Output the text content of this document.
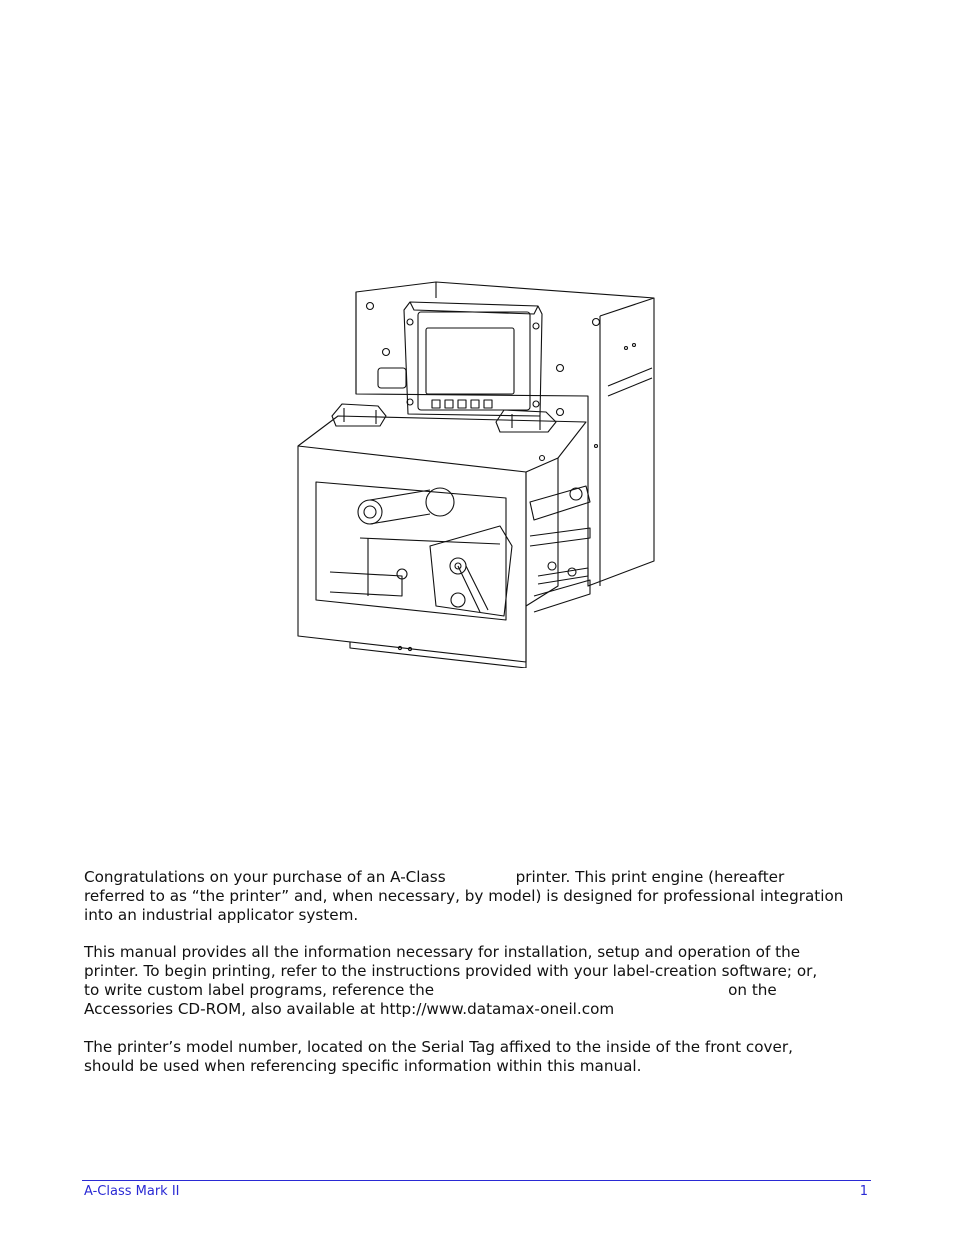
Congratulations on your purchase of an A-Class	printer. This print engine (hereafter

referred to as “the printer” and, when necessary, by model) is designed for professional integration

into an industrial applicator system.

This manual provides all the information necessary for installation, setup and operation of the

printer. To begin printing, refer to the instructions provided with your label-creation software; or,

to write custom label programs, reference the	on the

Accessories CD-ROM, also available at http://www.datamax-oneil.com

The printer’s model number, located on the Serial Tag affixed to the inside of the front cover,

should be used when referencing specific information within this manual.

A-Class Mark II	1
